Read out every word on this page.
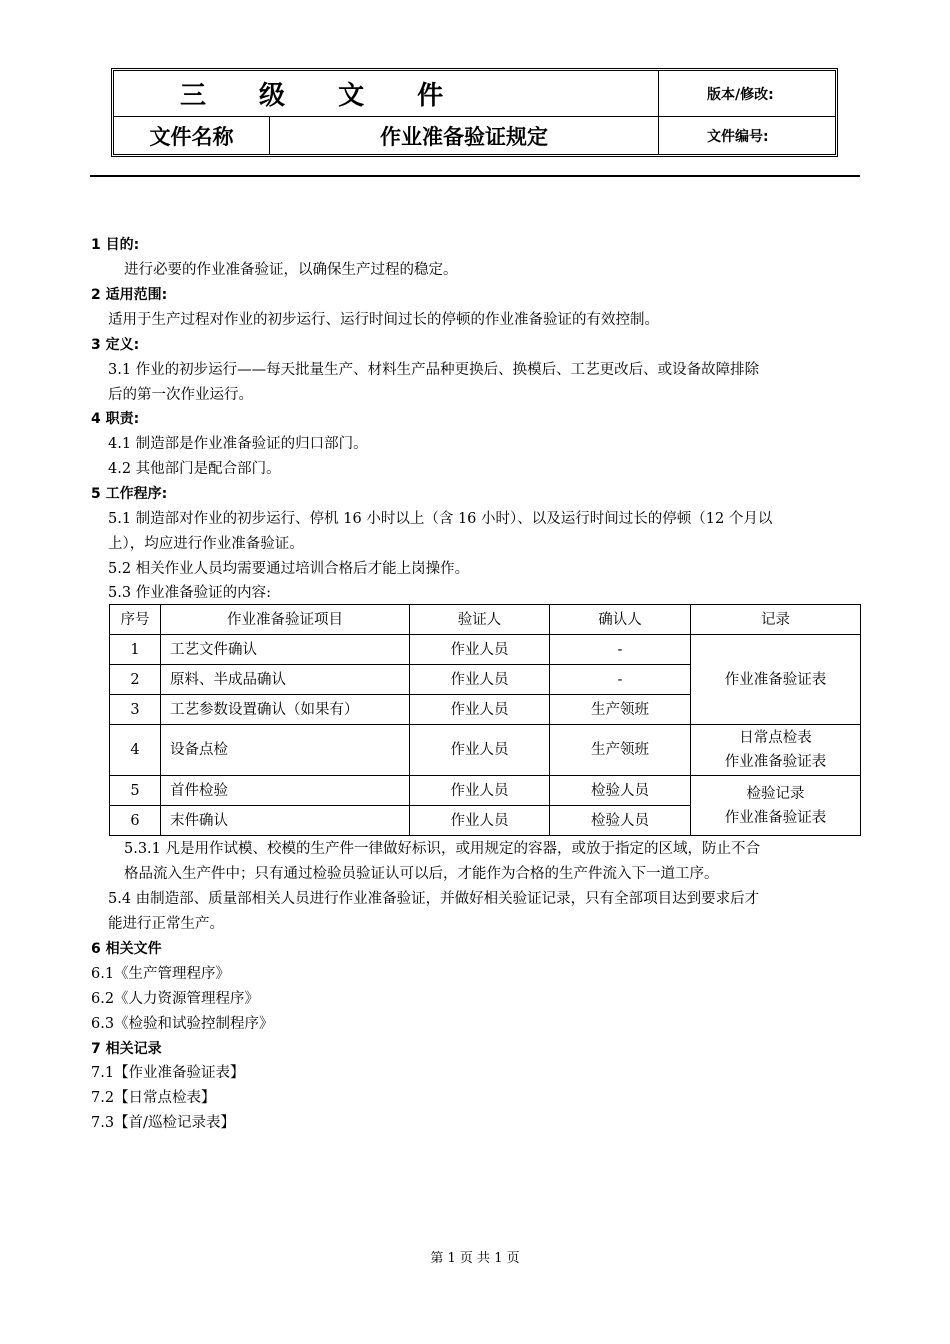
三 级 文 件	版本/修改:
文件名称	作业准备验证规定	文件编号:
1 目的:
进行必要的作业准备验证，以确保生产过程的稳定。
2 适用范围:
适用于生产过程对作业的初步运行、运行时间过长的停顿的作业准备验证的有效控制。
3 定义:
3.1 作业的初步运行——每天批量生产、材料生产品种更换后、换模后、工艺更改后、或设备故障排除
后的第一次作业运行。
4 职责:
4.1 制造部是作业准备验证的归口部门。
4.2 其他部门是配合部门。
5 工作程序:
5.1 制造部对作业的初步运行、停机 16 小时以上（含 16 小时）、以及运行时间过长的停顿（12 个月以
上），均应进行作业准备验证。
5.2 相关作业人员均需要通过培训合格后才能上岗操作。
5.3 作业准备验证的内容:
序号	作业准备验证项目	验证人	确认人	记录
1	工艺文件确认	作业人员	-	作业准备验证表
2	原料、半成品确认	作业人员	-	
3	工艺参数设置确认（如果有）	作业人员	生产领班	
4	设备点检	作业人员	生产领班	日常点检表
作业准备验证表

5	首件检验	作业人员	检验人员	检验记录
作业准备验证表

6	末件确认	作业人员	检验人员	
5.3.1 凡是用作试模、校模的生产件一律做好标识，或用规定的容器，或放于指定的区域，防止不合
格品流入生产件中；只有通过检验员验证认可以后，才能作为合格的生产件流入下一道工序。
5.4 由制造部、质量部相关人员进行作业准备验证，并做好相关验证记录，只有全部项目达到要求后才
能进行正常生产。
6 相关文件
6.1《生产管理程序》
6.2《人力资源管理程序》
6.3《检验和试验控制程序》
7 相关记录
7.1【作业准备验证表】
7.2【日常点检表】
7.3【首/巡检记录表】
第 1 页 共 1 页
